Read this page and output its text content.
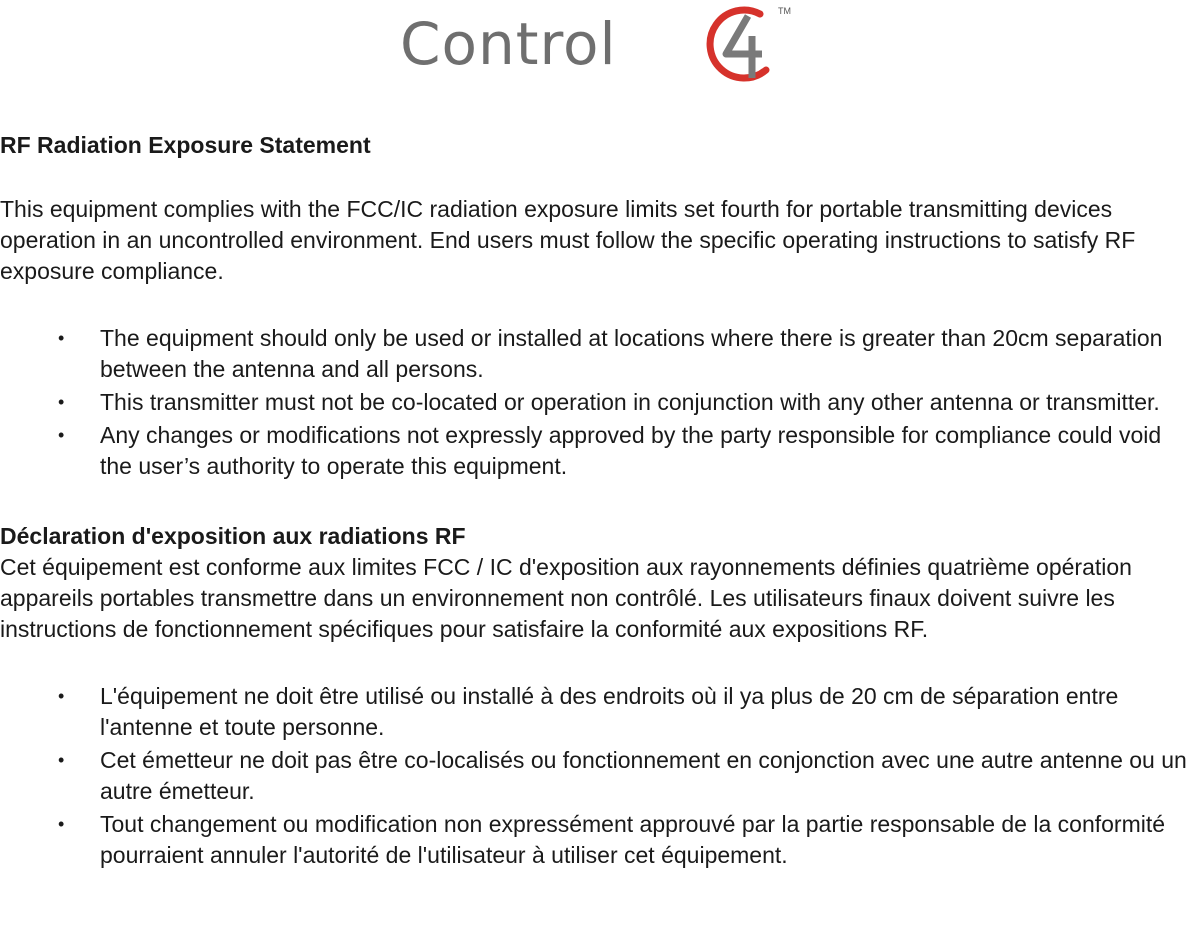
Control	TM

RF Radiation Exposure Statement

This equipment complies with the FCC/IC radiation exposure limits set fourth for portable transmitting devices operation in an uncontrolled environment. End users must follow the specific operating instructions to satisfy RF exposure compliance.

• The equipment should only be used or installed at locations where there is greater than 20cm separation between the antenna and all persons.
• This transmitter must not be co-located or operation in conjunction with any other antenna or transmitter.
• Any changes or modifications not expressly approved by the party responsible for compliance could void the user’s authority to operate this equipment.

Déclaration d'exposition aux radiations RF

Cet équipement est conforme aux limites FCC / IC d'exposition aux rayonnements définies quatrième opération appareils portables transmettre dans un environnement non contrôlé. Les utilisateurs finaux doivent suivre les instructions de fonctionnement spécifiques pour satisfaire la conformité aux expositions RF.

• L'équipement ne doit être utilisé ou installé à des endroits où il ya plus de 20 cm de séparation entre l'antenne et toute personne.
• Cet émetteur ne doit pas être co-localisés ou fonctionnement en conjonction avec une autre antenne ou un autre émetteur.
• Tout changement ou modification non expressément approuvé par la partie responsable de la conformité pourraient annuler l'autorité de l'utilisateur à utiliser cet équipement.
